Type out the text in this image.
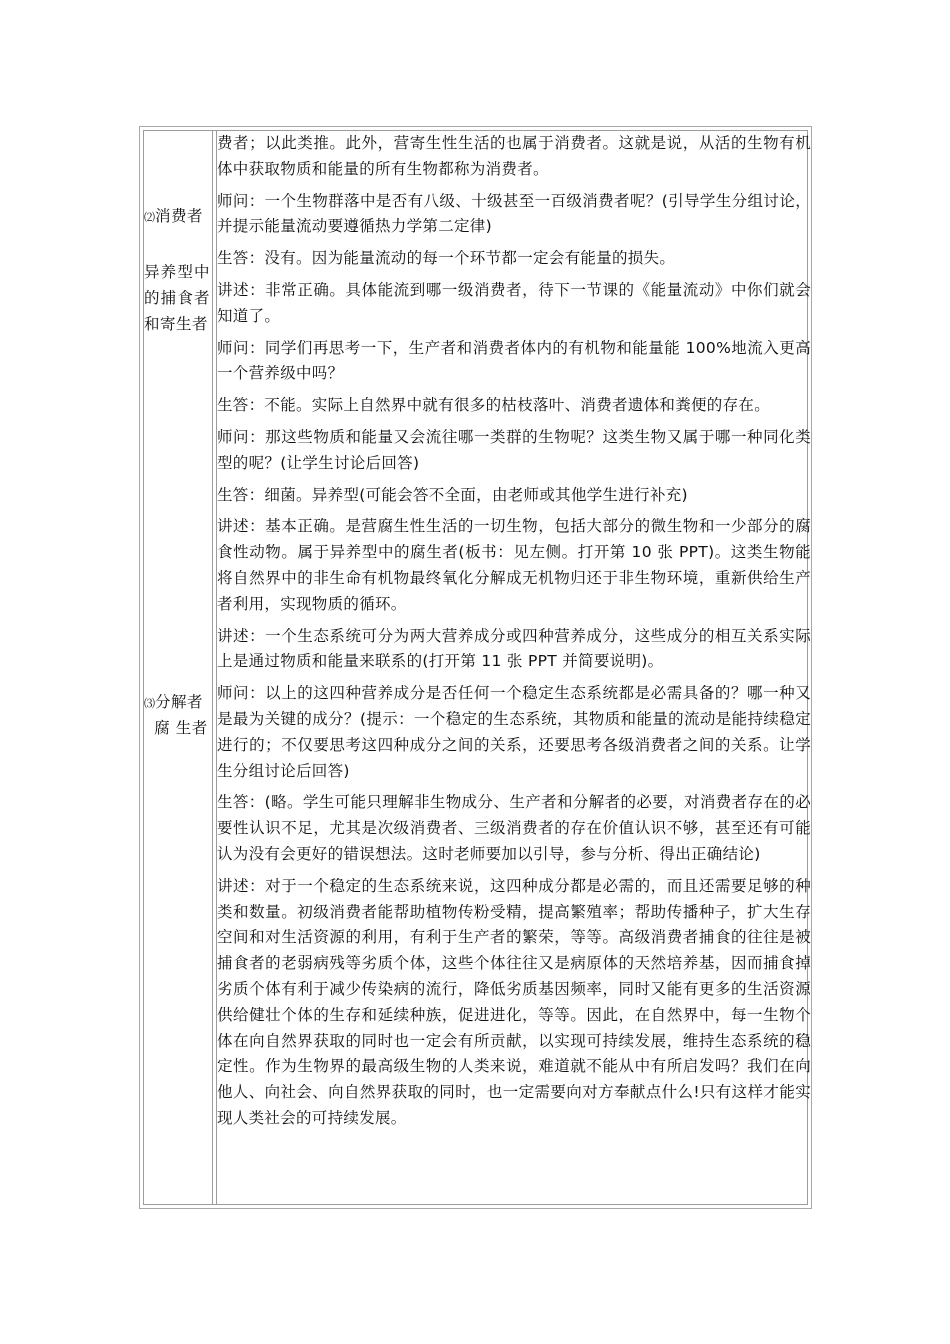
⑵消费者
异养型中的捕食者和寄生者
⑶分解者
腐 生者

费者；以此类推。此外，营寄生性生活的也属于消费者。这就是说，从活的生物有机体中获取物质和能量的所有生物都称为消费者。

师问：一个生物群落中是否有八级、十级甚至一百级消费者呢？(引导学生分组讨论，并提示能量流动要遵循热力学第二定律)

生答：没有。因为能量流动的每一个环节都一定会有能量的损失。

讲述：非常正确。具体能流到哪一级消费者，待下一节课的《能量流动》中你们就会知道了。

师问：同学们再思考一下，生产者和消费者体内的有机物和能量能 100%地流入更高一个营养级中吗？

生答：不能。实际上自然界中就有很多的枯枝落叶、消费者遗体和粪便的存在。

师问：那这些物质和能量又会流往哪一类群的生物呢？这类生物又属于哪一种同化类型的呢？(让学生讨论后回答)

生答：细菌。异养型(可能会答不全面，由老师或其他学生进行补充)

讲述：基本正确。是营腐生性生活的一切生物，包括大部分的微生物和一少部分的腐食性动物。属于异养型中的腐生者(板书：见左侧。打开第 10 张 PPT)。这类生物能将自然界中的非生命有机物最终氧化分解成无机物归还于非生物环境，重新供给生产者利用，实现物质的循环。

讲述：一个生态系统可分为两大营养成分或四种营养成分，这些成分的相互关系实际上是通过物质和能量来联系的(打开第 11 张 PPT 并简要说明)。

师问：以上的这四种营养成分是否任何一个稳定生态系统都是必需具备的？哪一种又是最为关键的成分？(提示：一个稳定的生态系统，其物质和能量的流动是能持续稳定进行的；不仅要思考这四种成分之间的关系，还要思考各级消费者之间的关系。让学生分组讨论后回答)

生答：(略。学生可能只理解非生物成分、生产者和分解者的必要，对消费者存在的必要性认识不足，尤其是次级消费者、三级消费者的存在价值认识不够，甚至还有可能认为没有会更好的错误想法。这时老师要加以引导，参与分析、得出正确结论)

讲述：对于一个稳定的生态系统来说，这四种成分都是必需的，而且还需要足够的种类和数量。初级消费者能帮助植物传粉受精，提高繁殖率；帮助传播种子，扩大生存空间和对生活资源的利用，有利于生产者的繁荣，等等。高级消费者捕食的往往是被捕食者的老弱病残等劣质个体，这些个体往往又是病原体的天然培养基，因而捕食掉劣质个体有利于减少传染病的流行，降低劣质基因频率，同时又能有更多的生活资源供给健壮个体的生存和延续种族，促进进化，等等。因此，在自然界中，每一生物个体在向自然界获取的同时也一定会有所贡献，以实现可持续发展，维持生态系统的稳定性。作为生物界的最高级生物的人类来说，难道就不能从中有所启发吗？我们在向他人、向社会、向自然界获取的同时，也一定需要向对方奉献点什么!只有这样才能实现人类社会的可持续发展。
